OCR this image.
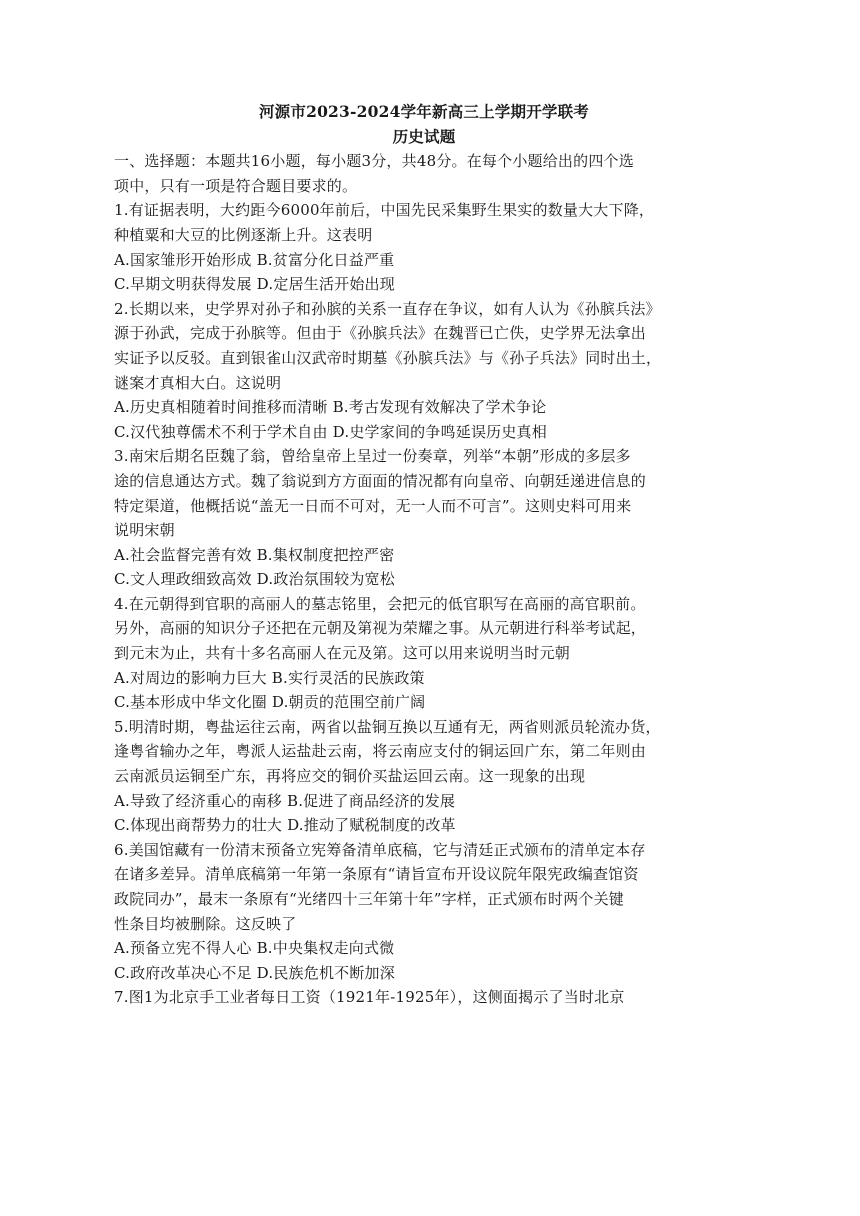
河源市2023-2024学年新高三上学期开学联考
历史试题
一、选择题：本题共16小题，每小题3分，共48分。在每个小题给出的四个选
项中，只有一项是符合题目要求的。
1.有证据表明，大约距今6000年前后，中国先民采集野生果实的数量大大下降，
种植粟和大豆的比例逐渐上升。这表明
A.国家雏形开始形成 B.贫富分化日益严重
C.早期文明获得发展 D.定居生活开始出现
2.长期以来，史学界对孙子和孙膑的关系一直存在争议，如有人认为《孙膑兵法》
源于孙武，完成于孙膑等。但由于《孙膑兵法》在魏晋已亡佚，史学界无法拿出
实证予以反驳。直到银雀山汉武帝时期墓《孙膑兵法》与《孙子兵法》同时出土，
谜案才真相大白。这说明
A.历史真相随着时间推移而清晰 B.考古发现有效解决了学术争论
C.汉代独尊儒术不利于学术自由 D.史学家间的争鸣延误历史真相
3.南宋后期名臣魏了翁，曾给皇帝上呈过一份奏章，列举“本朝”形成的多层多
途的信息通达方式。魏了翁说到方方面面的情况都有向皇帝、向朝廷递进信息的
特定渠道，他概括说“盖无一日而不可对，无一人而不可言”。这则史料可用来
说明宋朝
A.社会监督完善有效 B.集权制度把控严密
C.文人理政细致高效 D.政治氛围较为宽松
4.在元朝得到官职的高丽人的墓志铭里，会把元的低官职写在高丽的高官职前。
另外，高丽的知识分子还把在元朝及第视为荣耀之事。从元朝进行科举考试起，
到元末为止，共有十多名高丽人在元及第。这可以用来说明当时元朝
A.对周边的影响力巨大 B.实行灵活的民族政策
C.基本形成中华文化圈 D.朝贡的范围空前广阔
5.明清时期，粤盐运往云南，两省以盐铜互换以互通有无，两省则派员轮流办货，
逢粤省输办之年，粤派人运盐赴云南，将云南应支付的铜运回广东，第二年则由
云南派员运铜至广东，再将应交的铜价买盐运回云南。这一现象的出现
A.导致了经济重心的南移 B.促进了商品经济的发展
C.体现出商帮势力的壮大 D.推动了赋税制度的改革
6.美国馆藏有一份清末预备立宪筹备清单底稿，它与清廷正式颁布的清单定本存
在诸多差异。清单底稿第一年第一条原有“请旨宣布开设议院年限宪政编查馆资
政院同办”，最末一条原有“光绪四十三年第十年”字样，正式颁布时两个关键
性条目均被删除。这反映了
A.预备立宪不得人心 B.中央集权走向式微
C.政府改革决心不足 D.民族危机不断加深
7.图1为北京手工业者每日工资（1921年-1925年），这侧面揭示了当时北京
